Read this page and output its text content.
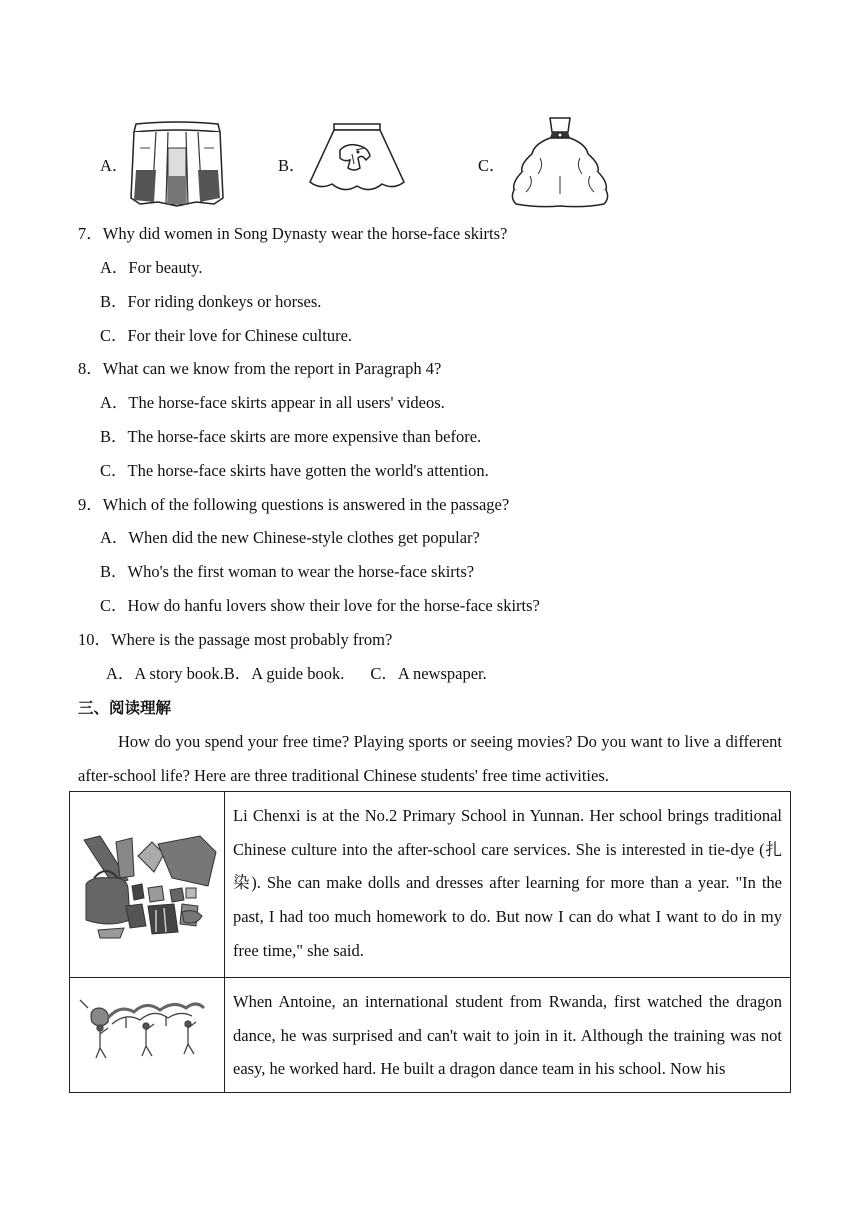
A．	B．	C．
7．Why did women in Song Dynasty wear the horse-face skirts?
A．For beauty.
B．For riding donkeys or horses.
C．For their love for Chinese culture.
8．What can we know from the report in Paragraph 4?
A．The horse-face skirts appear in all users' videos.
B．The horse-face skirts are more expensive than before.
C．The horse-face skirts have gotten the world's attention.
9．Which of the following questions is answered in the passage?
A．When did the new Chinese-style clothes get popular?
B．Who's the first woman to wear the horse-face skirts?
C．How do hanfu lovers show their love for the horse-face skirts?
10．Where is the passage most probably from?
A．A story book.B．A guide book. C．A newspaper.
三、阅读理解
How do you spend your free time? Playing sports or seeing movies? Do you want to live a different after-school life? Here are three traditional Chinese students' free time activities.
	Li Chenxi is at the No.2 Primary School in Yunnan. Her school brings traditional Chinese culture into the after-school care services. She is interested in tie-dye (扎染). She can make dolls and dresses after learning for more than a year. "In the past, I had too much homework to do. But now I can do what I want to do in my free time," she said.
	When Antoine, an international student from Rwanda, first watched the dragon dance, he was surprised and can't wait to join in it. Although the training was not easy, he worked hard. He built a dragon dance team in his school. Now his
